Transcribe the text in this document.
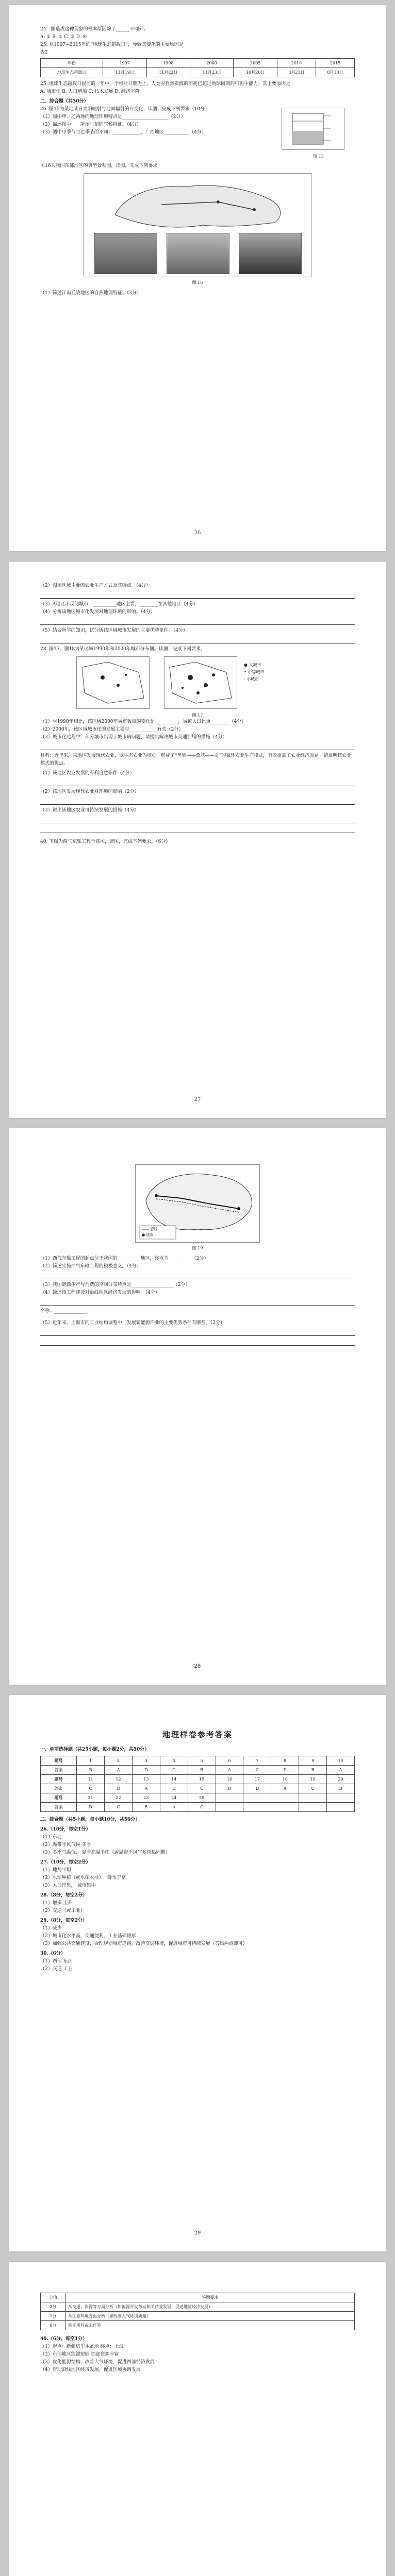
24．图造成这种现象的根本原因除了______不同外。
A. ① B. ② C. ③ D. ④
25. 从1997~2015年的“地球生态超载日”，导致其变化的主要原因是
表2
年份	1997	1998	2000	2005	2010	2015
地球生态超载日	11月19日	11月22日	11月23日	10月20日	8月21日	8月13日
25. 地球生态超载日提前的一年中一个相对日期为止，人类对自然资源的消耗已超过地球同期的可再生能力。其主要原因是
A. 城市化 B. 人口增加 C. 技术发展 D. 经济下降
二、综合题（共50分）
26. 图15为某地某日太阳辐射与地面辐射的日变化，读图，完成下列要求（10分）
（1）图中甲、乙两地的地理环境特点是____________________（2分）
（2）描述图中____所示时刻的气候特征。（4分）
（3）图中甲季节与乙季节的不同：____________，广西地区___________（4分）
图 15
图16为我国东部地区的典型景观图，读图，完成下列要求。
图 16
（1）简述江南丘陵地区的自然地理特征。（3分）
26
（2）图示区域主要的农业生产方式及其特点。（4分）
（3）A地区出现的城市，__________地区主要，________在其他地区（4分）
（4）分析该地区城市化发展对地理环境的影响。（4分）
（5）结合所学的知识，试分析该区域城市发展的主要优势条件。（4分）
28. 图17、图18为某区域1990年和2000年城市分布图。读图，完成下列要求。
● 大城市
• 中等城市
· 小城市
图 17
（1）与1990年相比，该区域2000年城市数量的变化是__________，城镇人口比重________（4分）
（2）2000年，该区域城市化的发展主要与____________有关（2分）
（3）城市化过程中，部分城市出现了城市病问题，请提出解决城市交通拥堵的措施（4分）
材料：近年来，某地区发展现代农业，以生态农业为核心，形成了“鱼塘——桑基——蚕”的循环农业生产模式，有效提高了农业经济效益。请说明该农业模式的优点。
（1）该地区农业发展的有利自然条件（4分）
（2）该地区发展现代农业对环境的影响（2分）
（3）说出该地区农业可持续发展的措施（4分）
40. 下图为西气东输工程示意图，读图，完成下列要求。（6分）
27
—— 管线
● 城市
图 19
（1）西气东输工程的起点位于我国的__________地区，终点为__________（2分）
（2）简述实施西气东输工程的积极意义。（4分）
（3）我国能源生产与消费的空间分布特点是__________________（2分）
（4）简述该工程建设对沿线地区经济发展的影响。（4分）
名称：______________
（5）近年来，上海市的工业结构调整中，发展新能源产业的主要优势条件有哪些。（2分）
28
地理样卷参考答案
一、单项选择题（共25小题，每小题2分，共50分）
题号	1	2	3	4	5	6	7	8	9	10
答案	B	A	D	C	B	A	C	D	B	A
题号	11	12	13	14	15	16	17	18	19	20
答案	C	B	A	D	C	B	D	A	C	B
题号	21	22	23	24	25					
答案	D	C	B	A	C					
二、综合题（共5小题，每小题10分，共50分）
26.（10分，每空1分）
（1）东北
（2）温带季风气候 冬季
（3）冬季气温低， 夏季高温多雨（或温带季风气候雨热同期）
27.（10分，每空2分）
（1）地势平坦
（2）水稻种植（或水田农业）， 降水丰富
（3）人口密集， 城市集中
28.（8分，每空2分）
（1）增多 上升
（2）交通（或工业）
29.（8分，每空2分）
（1）减少
（2）城市化水平高，交通便利，工业基础雄厚
（3）加强公共交通建设，合理规划城市道路，改善交通环境，促进城市可持续发展（答出两点即可）
30.（6分）
（1）西部 东部
（2）交通 工业
29
分值	答题要求
2分	从交通、资源等方面分析（如能源开发带动相关产业发展，促进地区经济发展）
1分	从生态环境方面分析（如改善大气环境质量）
0分	答非所问或未作答
40.（6分，每空1分）
（1）起点：新疆塔里木盆地 终点：上海
（2）东部地区能源短缺 西部资源丰富
（3）优化能源结构，改善大气环境，促进西部经济发展
（4）带动沿线地区经济发展，促进区域协调发展
